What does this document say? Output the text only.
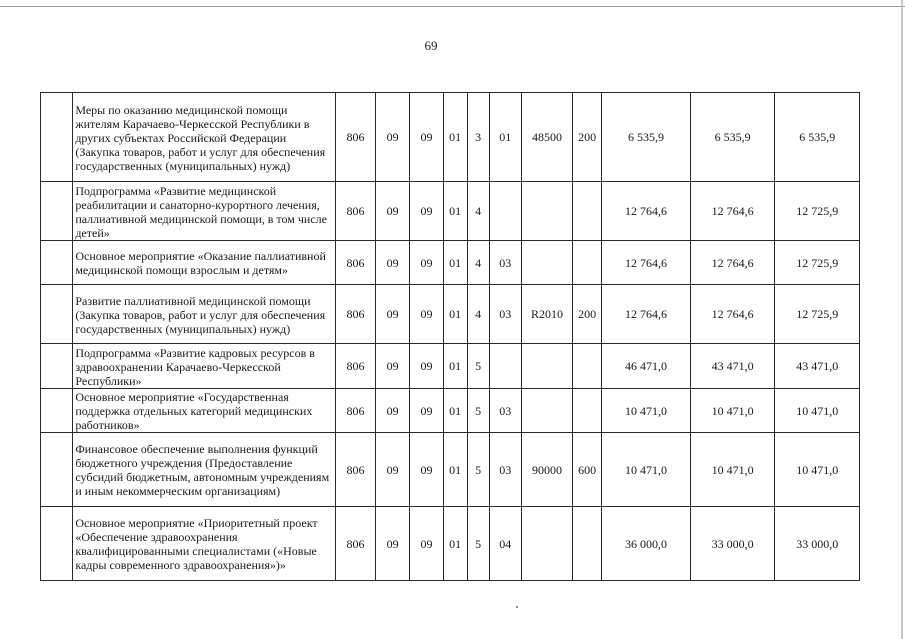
69
	Меры по оказанию медицинской помощи жителям Карачаево-Черкесской Республики в других субъектах Российской Федерации (Закупка товаров, работ и услуг для обеспечения государственных (муниципальных) нужд)	806	09	09	01	3	01	48500	200	6 535,9	6 535,9	6 535,9
	Подпрограмма «Развитие медицинской реабилитации и санаторно-курортного лечения, паллиативной медицинской помощи, в том числе детей»	806	09	09	01	4				12 764,6	12 764,6	12 725,9
	Основное мероприятие «Оказание паллиативной медицинской помощи взрослым и детям»	806	09	09	01	4	03			12 764,6	12 764,6	12 725,9
	Развитие паллиативной медицинской помощи (Закупка товаров, работ и услуг для обеспечения государственных (муниципальных) нужд)	806	09	09	01	4	03	R2010	200	12 764,6	12 764,6	12 725,9
	Подпрограмма «Развитие кадровых ресурсов в здравоохранении Карачаево-Черкесской Республики»	806	09	09	01	5				46 471,0	43 471,0	43 471,0
	Основное мероприятие «Государственная поддержка отдельных категорий медицинских работников»	806	09	09	01	5	03			10 471,0	10 471,0	10 471,0
	Финансовое обеспечение выполнения функций бюджетного учреждения (Предоставление субсидий бюджетным, автономным учреждениям и иным некоммерческим организациям)	806	09	09	01	5	03	90000	600	10 471,0	10 471,0	10 471,0
	Основное мероприятие «Приоритетный проект «Обеспечение здравоохранения квалифицированными специалистами («Новые кадры современного здравоохранения»)»	806	09	09	01	5	04			36 000,0	33 000,0	33 000,0
